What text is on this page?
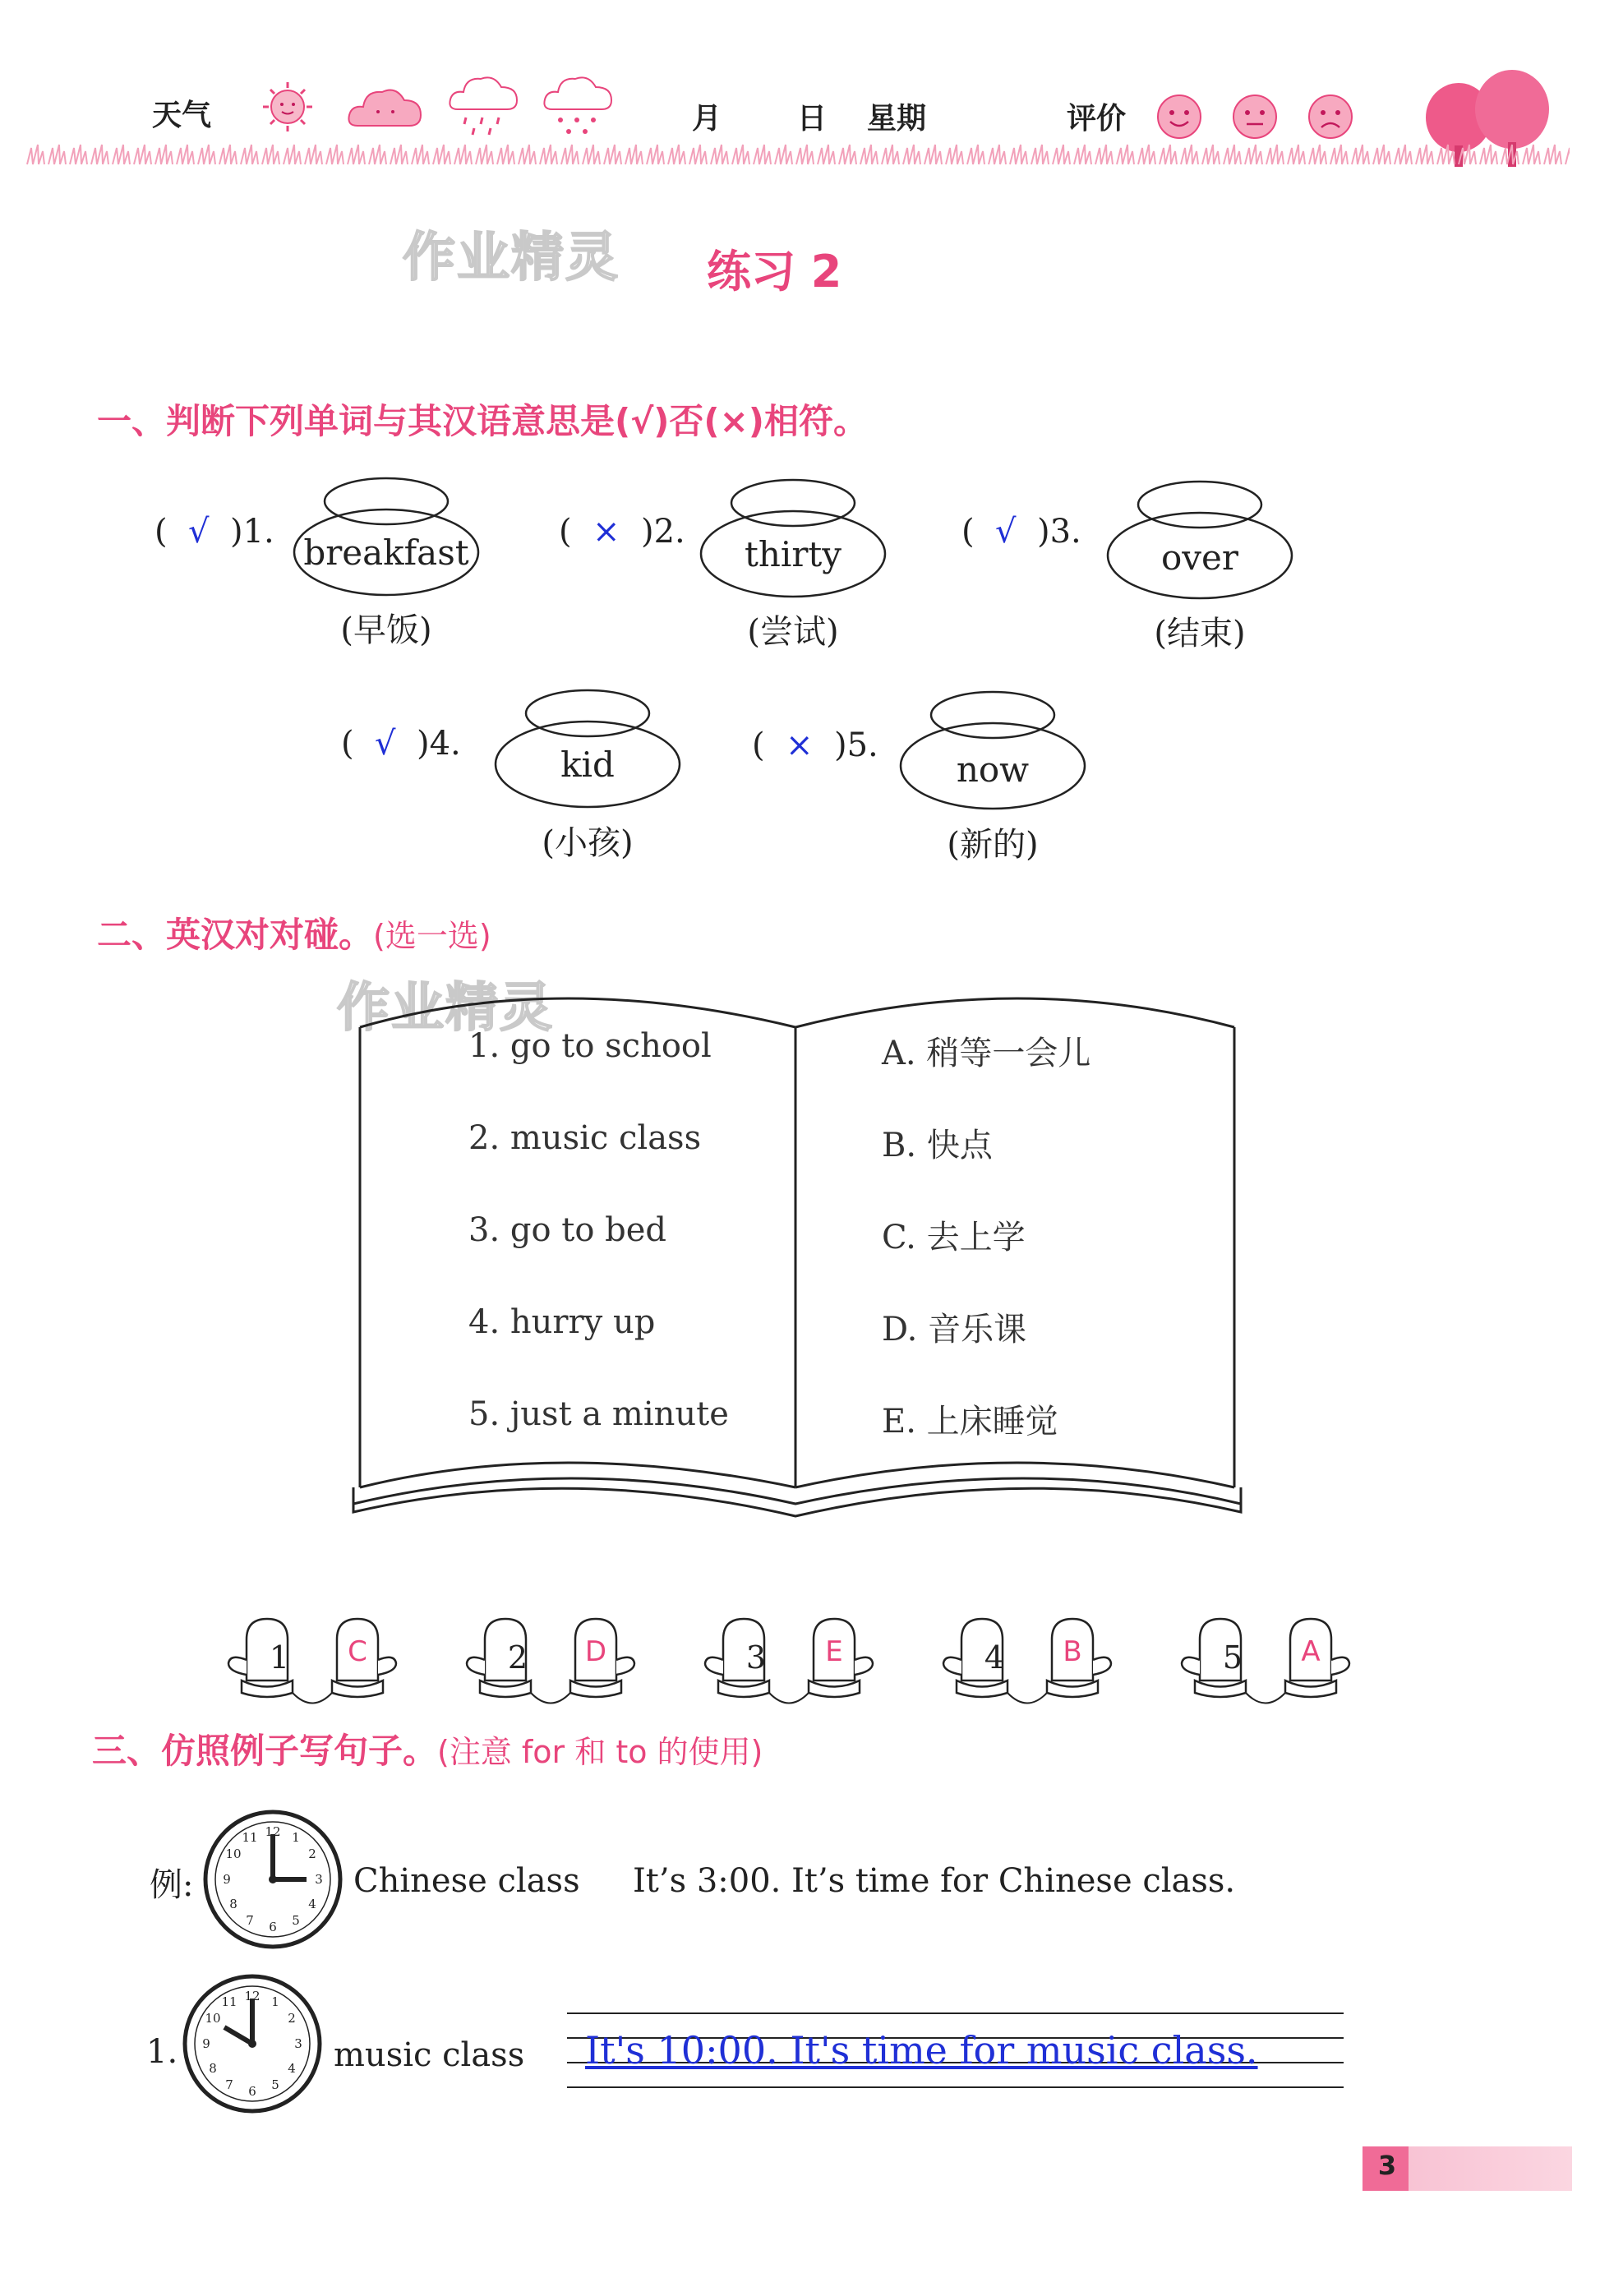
天气	月	日 星期	评价
作业精灵 练习 2
一、判断下列单词与其汉语意思是(√)否(×)相符。
(  √  )1.
breakfast
(早饭)
(  ×  )2.
thirty
(尝试)
(  √  )3.
over
(结束)
(  √  )4.
kid
(小孩)
(  ×  )5.
now
(新的)
二、英汉对对碰。(选一选)
作业精灵
1. go to school
2. music class
3. go to bed
4. hurry up
5. just a minute
A. 稍等一会儿
B. 快点
C. 去上学
D. 音乐课
E. 上床睡觉
1	C	2	D	3	E	4	B	5	A
三、仿照例子写句子。(注意 for 和 to 的使用)
例:
12 1
2
3
4
5
6
7
8
9
10
11
Chinese class It’s 3:00. It’s time for Chinese class.
1.
12 1
2
3
4
5
6
7
8
9
10
11
music class It's 10:00. It's time for music class.
3
